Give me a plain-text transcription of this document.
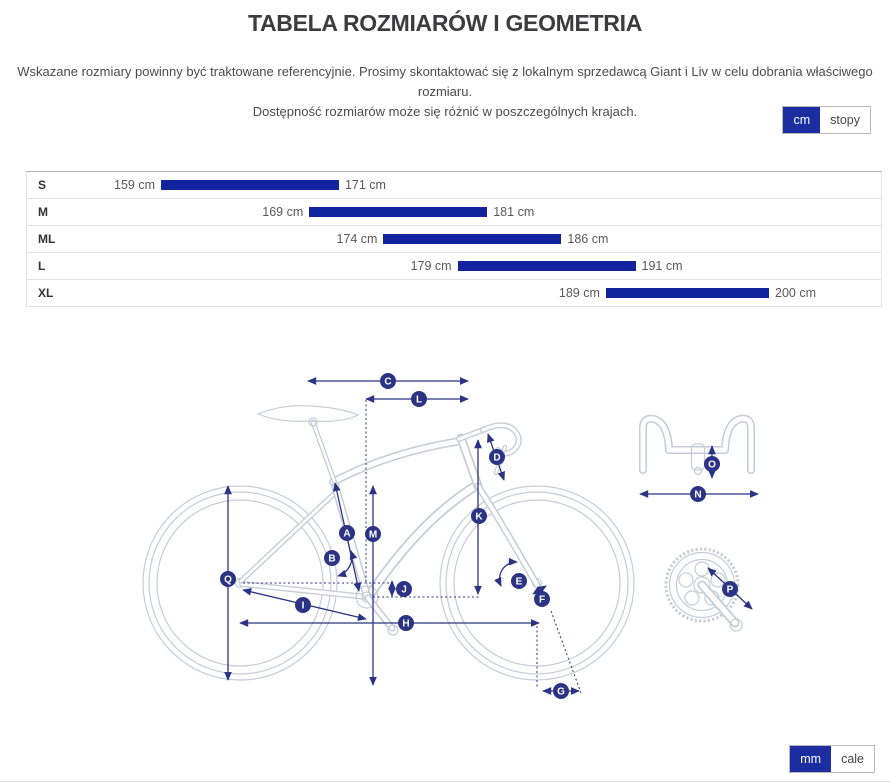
TABELA ROZMIARÓW I GEOMETRIA
Wskazane rozmiary powinny być traktowane referencyjnie. Prosimy skontaktować się z lokalnym sprzedawcą Giant i Liv w celu dobrania właściwego rozmiaru.
Dostępność rozmiarów może się różnić w poszczególnych krajach.
cm	stopy
S	159 cm	171 cm
M	169 cm	181 cm
ML	174 cm	186 cm
L	179 cm	191 cm
XL	189 cm	200 cm
A
B
C
D
E
F
G
H
I
J
K
L
M
N
O
P
Q
mm	cale
